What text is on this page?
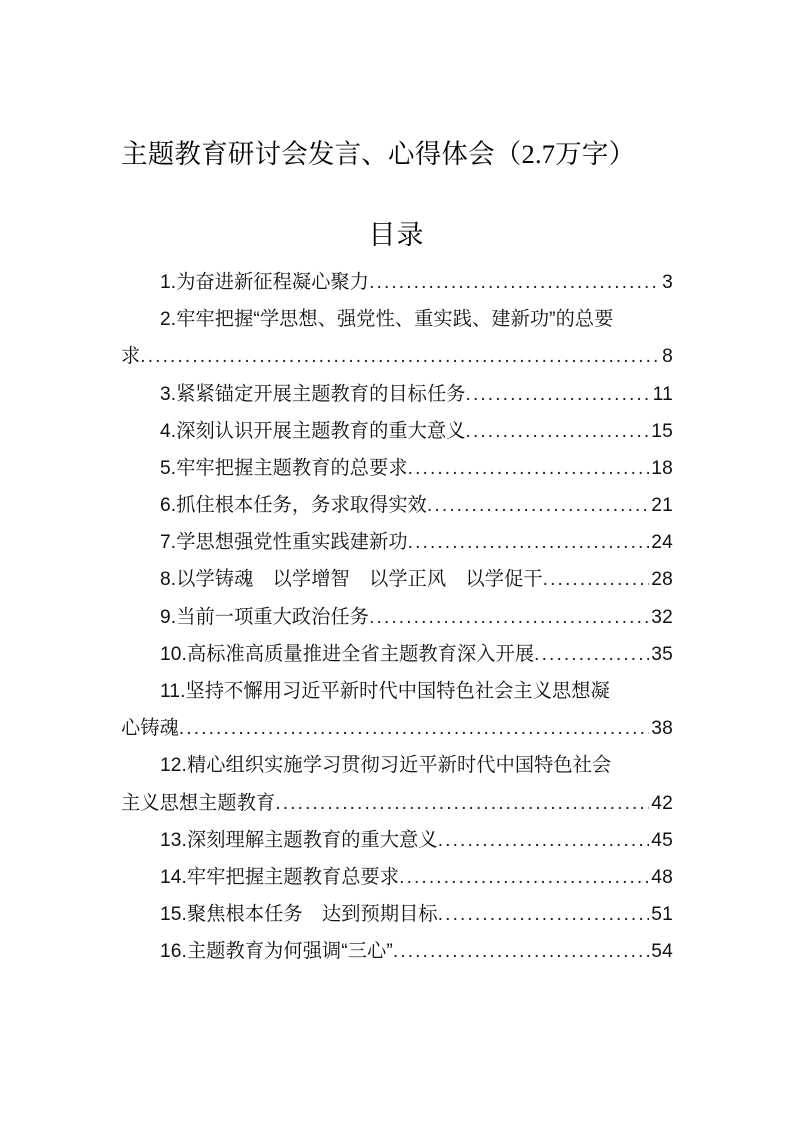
主题教育研讨会发言、心得体会（2.7万字）
目录
1.为奋进新征程凝心聚力 .....	3
2.牢牢把握“学思想、强党性、重实践、建新功”的总要
求 .....	8
3.紧紧锚定开展主题教育的目标任务 .....	11
4.深刻认识开展主题教育的重大意义 .....	15
5.牢牢把握主题教育的总要求 .....	18
6.抓住根本任务，务求取得实效 .....	21
7.学思想强党性重实践建新功 .....	24
8.以学铸魂　以学增智　以学正风　以学促干 .....	28
9.当前一项重大政治任务 .....	32
10.高标准高质量推进全省主题教育深入开展 .....	35
11.坚持不懈用习近平新时代中国特色社会主义思想凝
心铸魂 .....	38
12.精心组织实施学习贯彻习近平新时代中国特色社会
主义思想主题教育 .....	42
13.深刻理解主题教育的重大意义 .....	45
14.牢牢把握主题教育总要求 .....	48
15.聚焦根本任务　达到预期目标 .....	51
16.主题教育为何强调“三心” .....	54
